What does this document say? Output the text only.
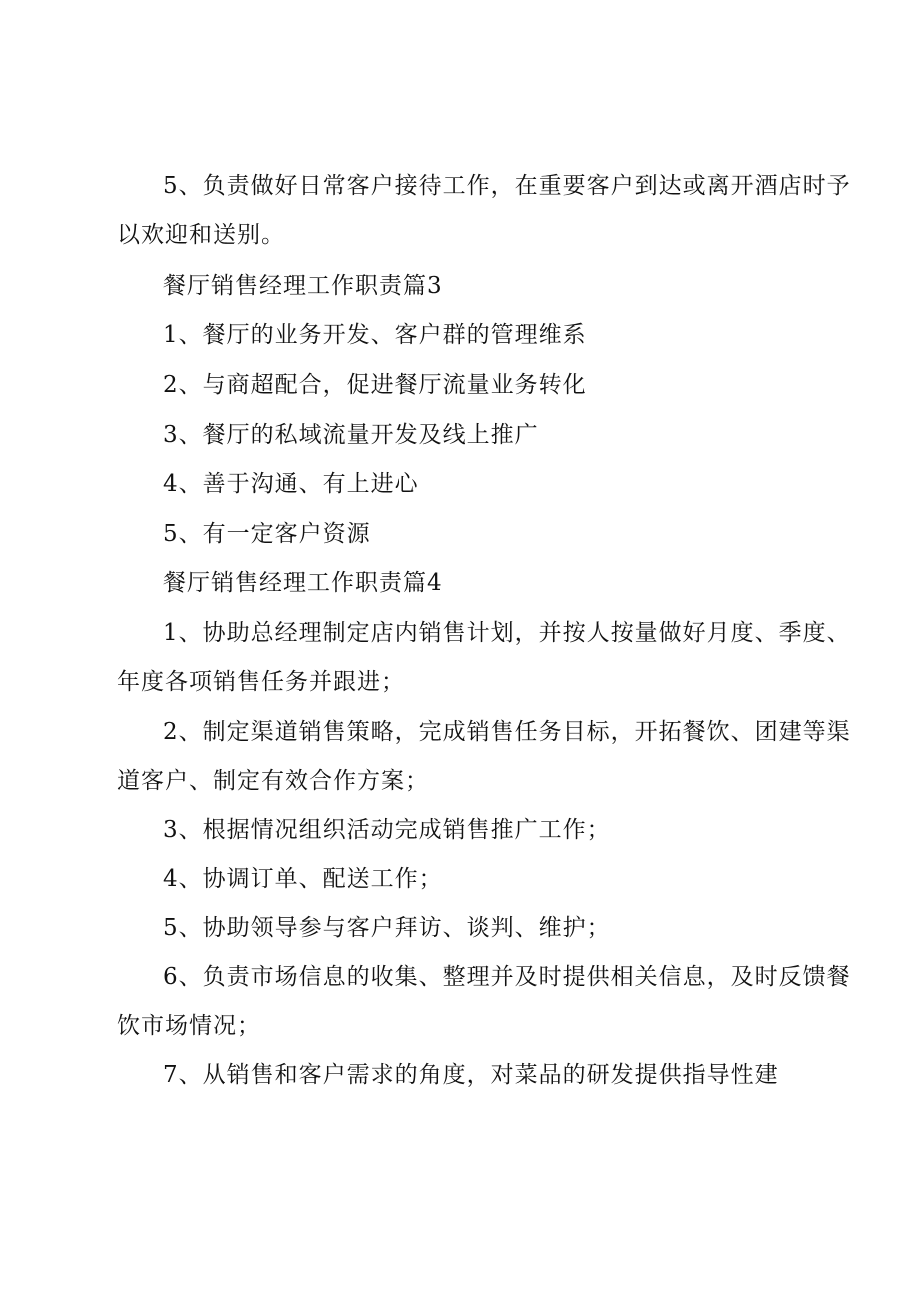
5、负责做好日常客户接待工作，在重要客户到达或离开酒店时予
以欢迎和送别。
餐厅销售经理工作职责篇3
1、餐厅的业务开发、客户群的管理维系
2、与商超配合，促进餐厅流量业务转化
3、餐厅的私域流量开发及线上推广
4、善于沟通、有上进心
5、有一定客户资源
餐厅销售经理工作职责篇4
1、协助总经理制定店内销售计划，并按人按量做好月度、季度、
年度各项销售任务并跟进；
2、制定渠道销售策略，完成销售任务目标，开拓餐饮、团建等渠
道客户、制定有效合作方案；
3、根据情况组织活动完成销售推广工作；
4、协调订单、配送工作；
5、协助领导参与客户拜访、谈判、维护；
6、负责市场信息的收集、整理并及时提供相关信息，及时反馈餐
饮市场情况；
7、从销售和客户需求的角度，对菜品的研发提供指导性建
